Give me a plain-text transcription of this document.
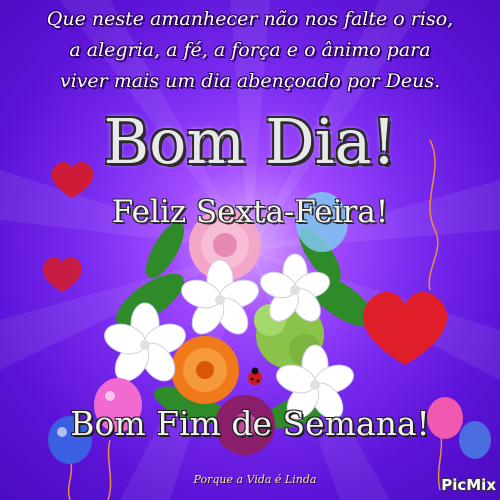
Que neste amanhecer não nos falte o riso,
a alegria, a fé, a força e o ânimo para
viver mais um dia abençoado por Deus.
Bom Dia!
Feliz Sexta-Feira!
Bom Fim de Semana!
Porque a Vida é Linda	PicMix
